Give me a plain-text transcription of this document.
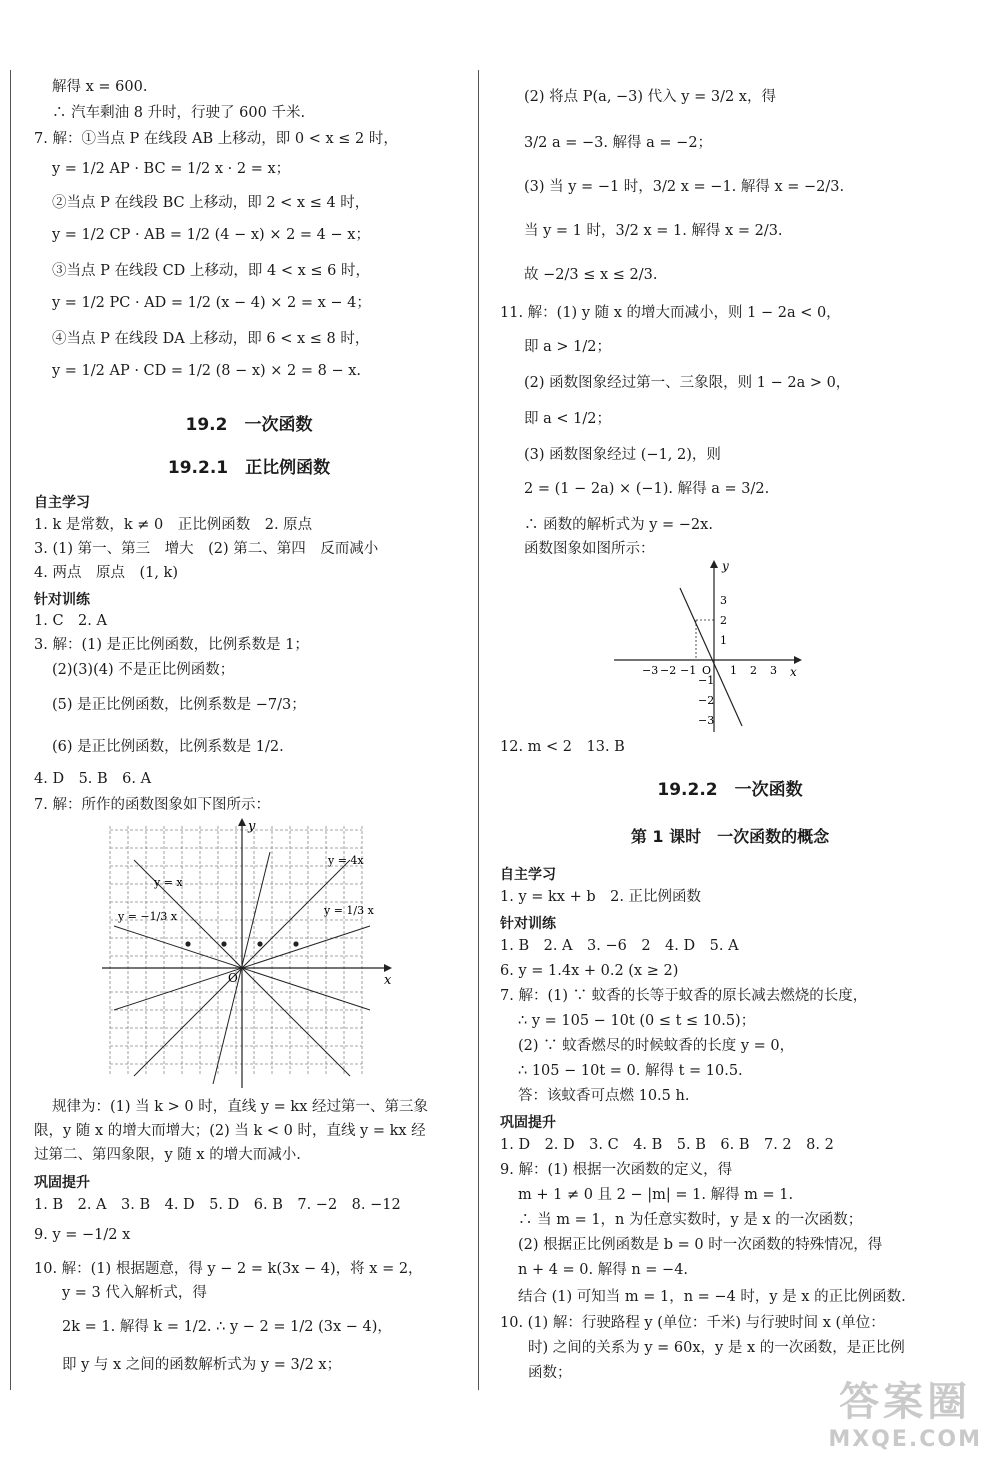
解得 x = 600.
∴ 汽车剩油 8 升时，行驶了 600 千米.
7. 解：①当点 P 在线段 AB 上移动，即 0 < x ≤ 2 时，
y = 1/2 AP · BC = 1/2 x · 2 = x；
②当点 P 在线段 BC 上移动，即 2 < x ≤ 4 时，
y = 1/2 CP · AB = 1/2 (4 − x) × 2 = 4 − x；
③当点 P 在线段 CD 上移动，即 4 < x ≤ 6 时，
y = 1/2 PC · AD = 1/2 (x − 4) × 2 = x − 4；
④当点 P 在线段 DA 上移动，即 6 < x ≤ 8 时，
y = 1/2 AP · CD = 1/2 (8 − x) × 2 = 8 − x.
19.2　一次函数
19.2.1　正比例函数
自主学习
1. k 是常数，k ≠ 0　正比例函数　2. 原点
3. (1) 第一、第三　增大　(2) 第二、第四　反而减小
4. 两点　原点　(1, k)
针对训练
1. C　2. A
3. 解：(1) 是正比例函数，比例系数是 1；
(2)(3)(4) 不是正比例函数；
(5) 是正比例函数，比例系数是 −7/3；
(6) 是正比例函数，比例系数是 1/2.
4. D　5. B　6. A
7. 解：所作的函数图象如下图所示：
y
x
O
y = x
y = −1/3 x
y = 4x
y = 1/3 x
规律为：(1) 当 k > 0 时，直线 y = kx 经过第一、第三象
限，y 随 x 的增大而增大；(2) 当 k < 0 时，直线 y = kx 经
过第二、第四象限，y 随 x 的增大而减小.
巩固提升
1. B　2. A　3. B　4. D　5. D　6. B　7. −2　8. −12
9. y = −1/2 x
10. 解：(1) 根据题意，得 y − 2 = k(3x − 4)，将 x = 2，
y = 3 代入解析式，得
2k = 1. 解得 k = 1/2. ∴ y − 2 = 1/2 (3x − 4)，
即 y 与 x 之间的函数解析式为 y = 3/2 x；
(2) 将点 P(a, −3) 代入 y = 3/2 x，得
3/2 a = −3. 解得 a = −2；
(3) 当 y = −1 时，3/2 x = −1. 解得 x = −2/3.
当 y = 1 时，3/2 x = 1. 解得 x = 2/3.
故 −2/3 ≤ x ≤ 2/3.
11. 解：(1) y 随 x 的增大而减小，则 1 − 2a < 0，
即 a > 1/2；
(2) 函数图象经过第一、三象限，则 1 − 2a > 0，
即 a < 1/2；
(3) 函数图象经过 (−1, 2)，则
2 = (1 − 2a) × (−1). 解得 a = 3/2.
∴ 函数的解析式为 y = −2x.
函数图象如图所示：
y
x
O
−3 −2 −1	1 2 3
3
2
1
−1
−2
−3
12. m < 2　13. B
19.2.2　一次函数
第 1 课时　一次函数的概念
自主学习
1. y = kx + b　2. 正比例函数
针对训练
1. B　2. A　3. −6　2　4. D　5. A
6. y = 1.4x + 0.2 (x ≥ 2)
7. 解：(1) ∵ 蚊香的长等于蚊香的原长减去燃烧的长度，
∴ y = 105 − 10t (0 ≤ t ≤ 10.5)；
(2) ∵ 蚊香燃尽的时候蚊香的长度 y = 0，
∴ 105 − 10t = 0. 解得 t = 10.5.
答：该蚊香可点燃 10.5 h.
巩固提升
1. D　2. D　3. C　4. B　5. B　6. B　7. 2　8. 2
9. 解：(1) 根据一次函数的定义，得
m + 1 ≠ 0 且 2 − |m| = 1. 解得 m = 1.
∴ 当 m = 1，n 为任意实数时，y 是 x 的一次函数；
(2) 根据正比例函数是 b = 0 时一次函数的特殊情况，得
n + 4 = 0. 解得 n = −4.
结合 (1) 可知当 m = 1，n = −4 时，y 是 x 的正比例函数.
10. (1) 解：行驶路程 y (单位：千米) 与行驶时间 x (单位：
时) 之间的关系为 y = 60x，y 是 x 的一次函数，是正比例
函数；
答案圈
MXQE.COM
